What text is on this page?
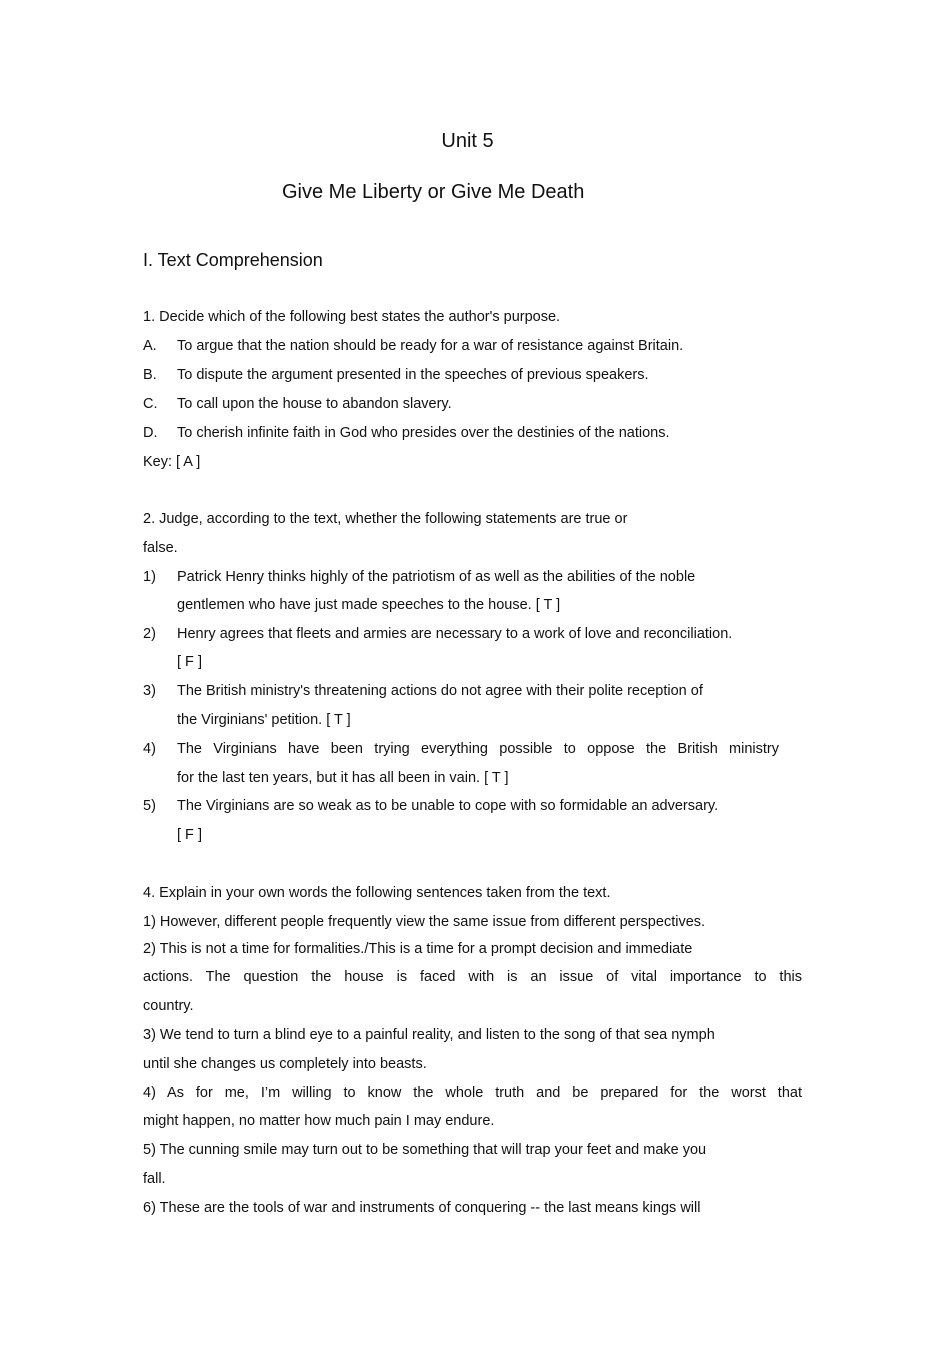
Unit 5
Give Me Liberty or Give Me Death
I. Text Comprehension
1. Decide which of the following best states the author's purpose.
A. To argue that the nation should be ready for a war of resistance against Britain.
B. To dispute the argument presented in the speeches of previous speakers.
C. To call upon the house to abandon slavery.
D. To cherish infinite faith in God who presides over the destinies of the nations.
Key: [ A ]
2. Judge, according to the text, whether the following statements are true or
false.
1) Patrick Henry thinks highly of the patriotism of as well as the abilities of the noble
gentlemen who have just made speeches to the house. [ T ]
2) Henry agrees that fleets and armies are necessary to a work of love and reconciliation.
[ F ]
3) The British ministry's threatening actions do not agree with their polite reception of
the Virginians' petition. [ T ]
4) The Virginians have been trying everything possible to oppose the British ministry
for the last ten years, but it has all been in vain. [ T ]
5) The Virginians are so weak as to be unable to cope with so formidable an adversary.
[ F ]
4. Explain in your own words the following sentences taken from the text.
1) However, different people frequently view the same issue from different perspectives.
2) This is not a time for formalities./This is a time for a prompt decision and immediate
actions. The question the house is faced with is an issue of vital importance to this
country.
3) We tend to turn a blind eye to a painful reality, and listen to the song of that sea nymph
until she changes us completely into beasts.
4) As for me, I’m willing to know the whole truth and be prepared for the worst that
might happen, no matter how much pain I may endure.
5) The cunning smile may turn out to be something that will trap your feet and make you
fall.
6) These are the tools of war and instruments of conquering -- the last means kings will
